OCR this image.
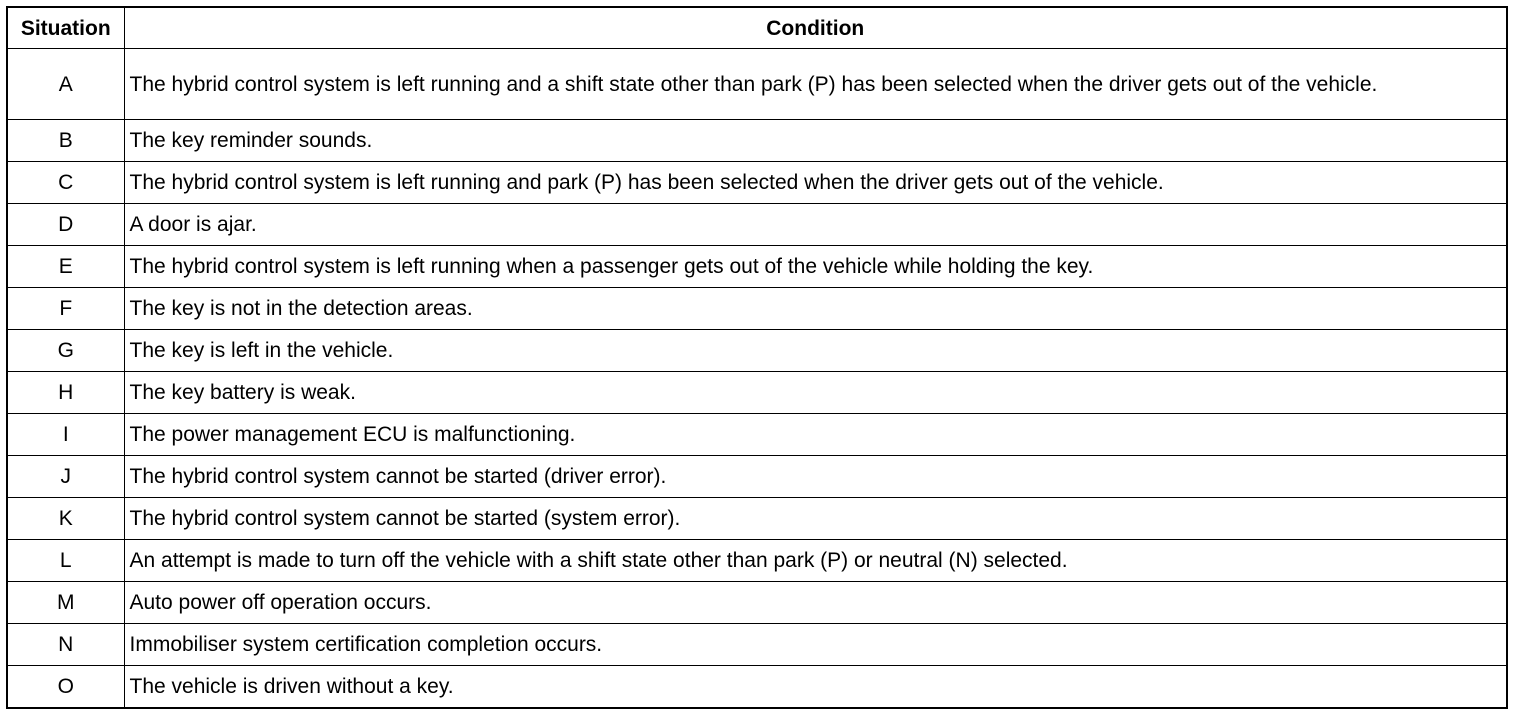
Situation	Condition
A	The hybrid control system is left running and a shift state other than park (P) has been selected when the driver gets out of the vehicle.
B	The key reminder sounds.
C	The hybrid control system is left running and park (P) has been selected when the driver gets out of the vehicle.
D	A door is ajar.
E	The hybrid control system is left running when a passenger gets out of the vehicle while holding the key.
F	The key is not in the detection areas.
G	The key is left in the vehicle.
H	The key battery is weak.
I	The power management ECU is malfunctioning.
J	The hybrid control system cannot be started (driver error).
K	The hybrid control system cannot be started (system error).
L	An attempt is made to turn off the vehicle with a shift state other than park (P) or neutral (N) selected.
M	Auto power off operation occurs.
N	Immobiliser system certification completion occurs.
O	The vehicle is driven without a key.
